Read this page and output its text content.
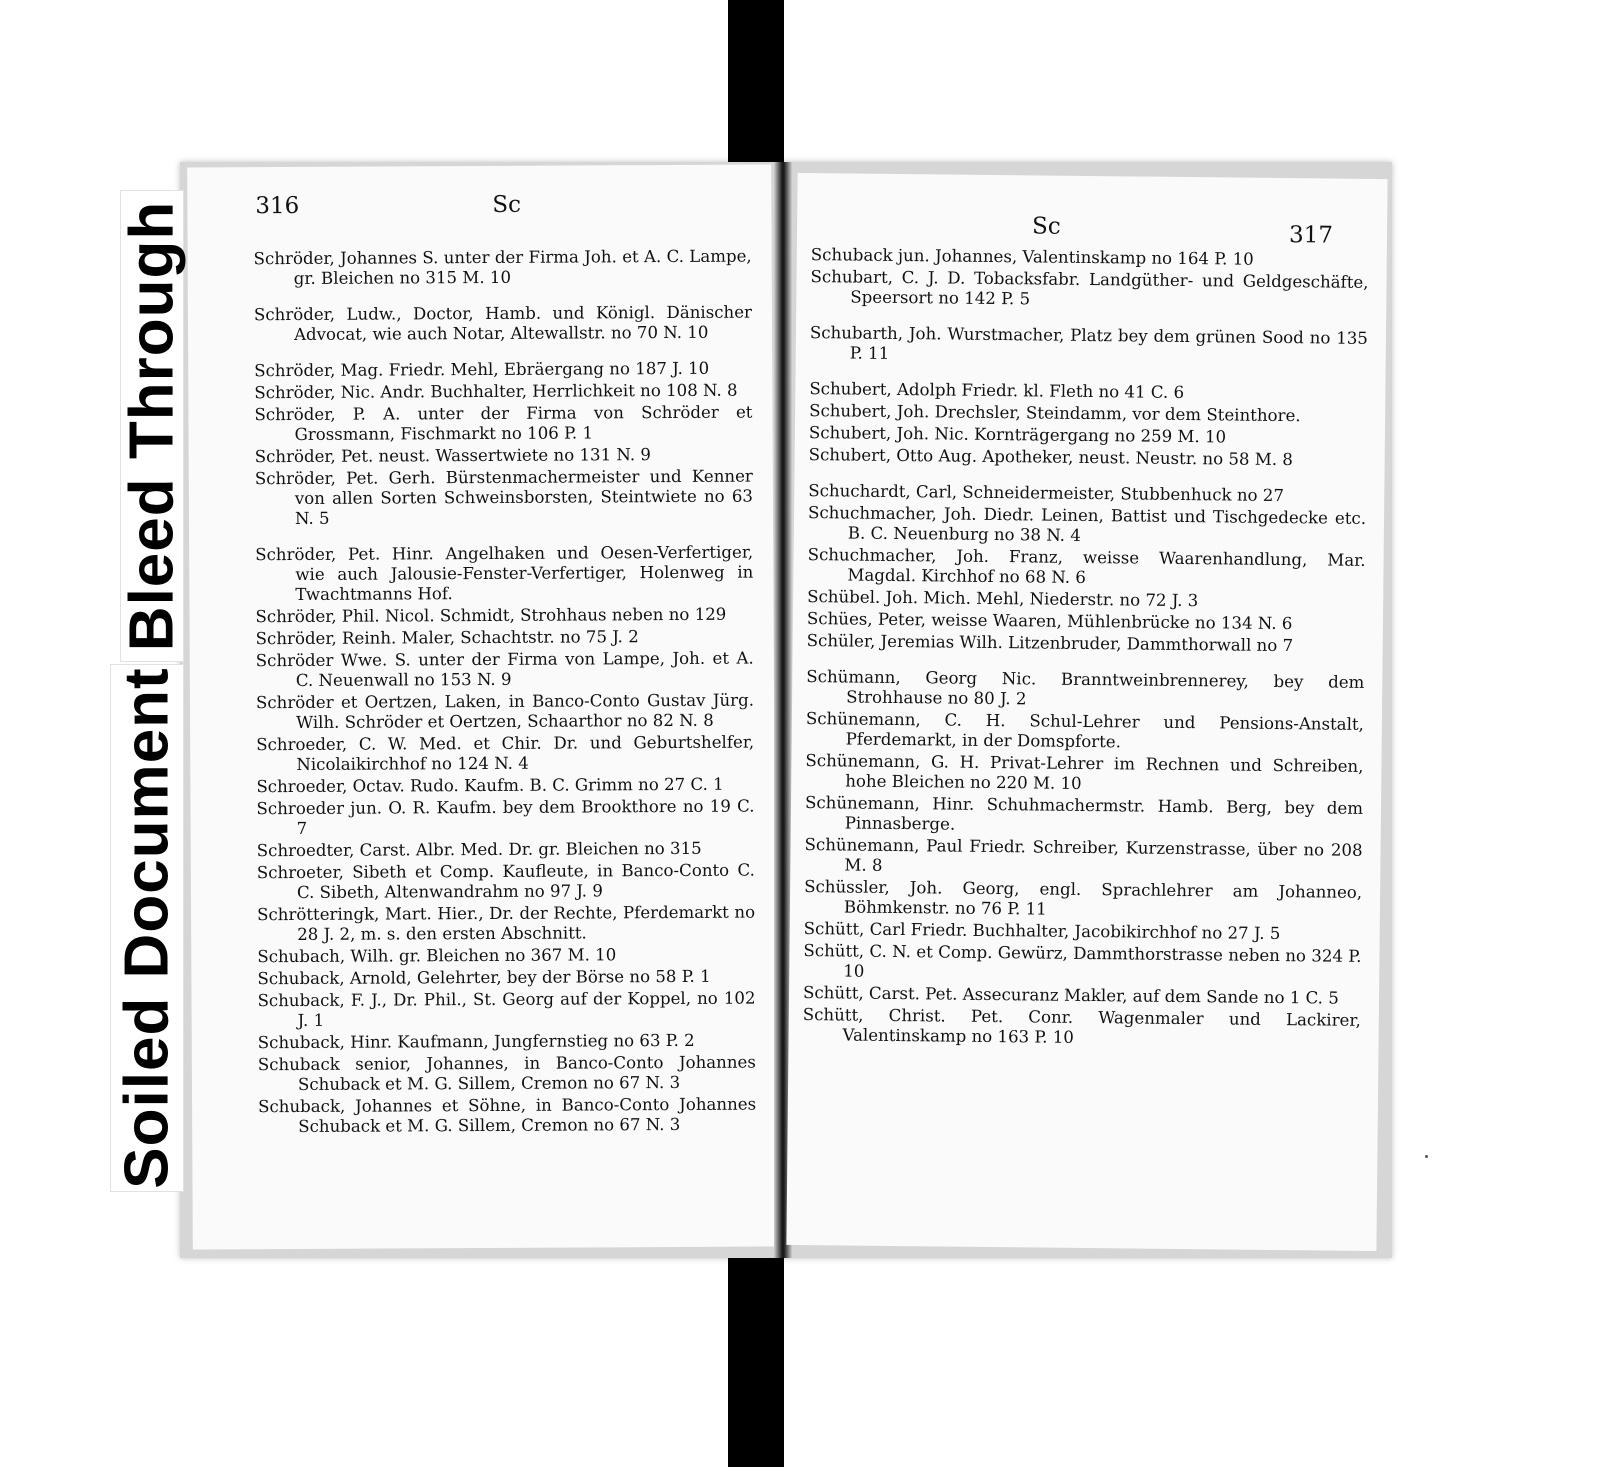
316	Sc
Schröder, Johannes S. unter der Firma Joh. et A. C. Lampe, gr. Bleichen no 315 M. 10
Schröder, Ludw., Doctor, Hamb. und Königl. Dänischer Advocat, wie auch Notar, Altewallstr. no 70 N. 10
Schröder, Mag. Friedr. Mehl, Ebräergang no 187 J. 10
Schröder, Nic. Andr. Buchhalter, Herrlichkeit no 108 N. 8
Schröder, P. A. unter der Firma von Schröder et Grossmann, Fischmarkt no 106 P. 1
Schröder, Pet. neust. Wassertwiete no 131 N. 9
Schröder, Pet. Gerh. Bürstenmachermeister und Kenner von allen Sorten Schweinsborsten, Steintwiete no 63 N. 5
Schröder, Pet. Hinr. Angelhaken und Oesen-Verfertiger, wie auch Jalousie-Fenster-Verfertiger, Holenweg in Twachtmanns Hof.
Schröder, Phil. Nicol. Schmidt, Strohhaus neben no 129
Schröder, Reinh. Maler, Schachtstr. no 75 J. 2
Schröder Wwe. S. unter der Firma von Lampe, Joh. et A. C. Neuenwall no 153 N. 9
Schröder et Oertzen, Laken, in Banco-Conto Gustav Jürg. Wilh. Schröder et Oertzen, Schaarthor no 82 N. 8
Schroeder, C. W. Med. et Chir. Dr. und Geburtshelfer, Nicolaikirchhof no 124 N. 4
Schroeder, Octav. Rudo. Kaufm. B. C. Grimm no 27 C. 1
Schroeder jun. O. R. Kaufm. bey dem Brookthore no 19 C. 7
Schroedter, Carst. Albr. Med. Dr. gr. Bleichen no 315
Schroeter, Sibeth et Comp. Kaufleute, in Banco-Conto C. C. Sibeth, Altenwandrahm no 97 J. 9
Schrötteringk, Mart. Hier., Dr. der Rechte, Pferdemarkt no 28 J. 2, m. s. den ersten Abschnitt.
Schubach, Wilh. gr. Bleichen no 367 M. 10
Schuback, Arnold, Gelehrter, bey der Börse no 58 P. 1
Schuback, F. J., Dr. Phil., St. Georg auf der Koppel, no 102 J. 1
Schuback, Hinr. Kaufmann, Jungfernstieg no 63 P. 2
Schuback senior, Johannes, in Banco-Conto Johannes Schuback et M. G. Sillem, Cremon no 67 N. 3
Schuback, Johannes et Söhne, in Banco-Conto Johannes Schuback et M. G. Sillem, Cremon no 67 N. 3
Sc	317
Schuback jun. Johannes, Valentinskamp no 164 P. 10
Schubart, C. J. D. Tobacksfabr. Landgüther- und Geldgeschäfte, Speersort no 142 P. 5
Schubarth, Joh. Wurstmacher, Platz bey dem grünen Sood no 135 P. 11
Schubert, Adolph Friedr. kl. Fleth no 41 C. 6
Schubert, Joh. Drechsler, Steindamm, vor dem Steinthore.
Schubert, Joh. Nic. Kornträgergang no 259 M. 10
Schubert, Otto Aug. Apotheker, neust. Neustr. no 58 M. 8
Schuchardt, Carl, Schneidermeister, Stubbenhuck no 27
Schuchmacher, Joh. Diedr. Leinen, Battist und Tischgedecke etc. B. C. Neuenburg no 38 N. 4
Schuchmacher, Joh. Franz, weisse Waarenhandlung, Mar. Magdal. Kirchhof no 68 N. 6
Schübel. Joh. Mich. Mehl, Niederstr. no 72 J. 3
Schües, Peter, weisse Waaren, Mühlenbrücke no 134 N. 6
Schüler, Jeremias Wilh. Litzenbruder, Dammthorwall no 7
Schümann, Georg Nic. Branntweinbrennerey, bey dem Strohhause no 80 J. 2
Schünemann, C. H. Schul-Lehrer und Pensions-Anstalt, Pferdemarkt, in der Domspforte.
Schünemann, G. H. Privat-Lehrer im Rechnen und Schreiben, hohe Bleichen no 220 M. 10
Schünemann, Hinr. Schuhmachermstr. Hamb. Berg, bey dem Pinnasberge.
Schünemann, Paul Friedr. Schreiber, Kurzenstrasse, über no 208 M. 8
Schüssler, Joh. Georg, engl. Sprachlehrer am Johanneo, Böhmkenstr. no 76 P. 11
Schütt, Carl Friedr. Buchhalter, Jacobikirchhof no 27 J. 5
Schütt, C. N. et Comp. Gewürz, Dammthorstrasse neben no 324 P. 10
Schütt, Carst. Pet. Assecuranz Makler, auf dem Sande no 1 C. 5
Schütt, Christ. Pet. Conr. Wagenmaler und Lackirer, Valentinskamp no 163 P. 10
Bleed Through
Soiled Document
